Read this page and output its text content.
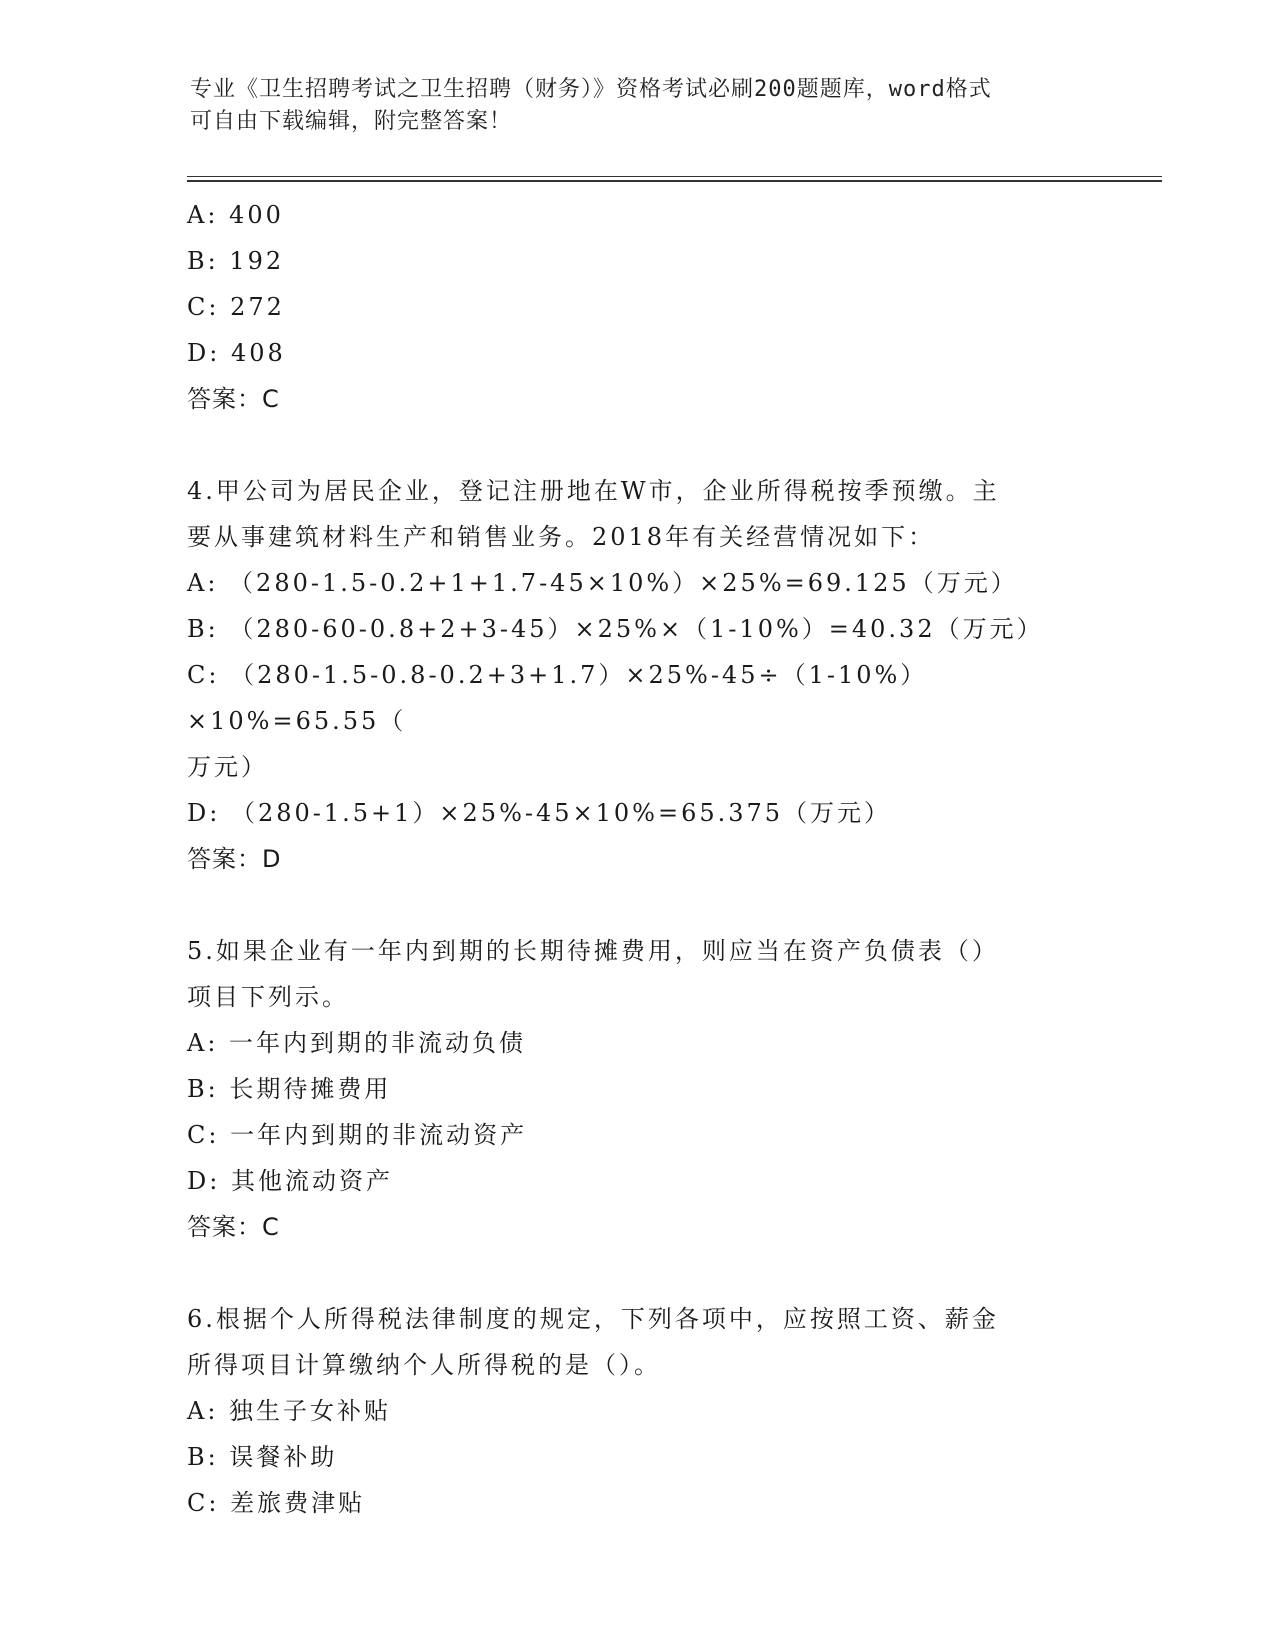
专业《卫生招聘考试之卫生招聘（财务）》资格考试必刷200题题库，word格式
可自由下载编辑，附完整答案！
A: 400
B: 192
C: 272
D: 408
答案：C
4.甲公司为居民企业，登记注册地在W市，企业所得税按季预缴。主
要从事建筑材料生产和销售业务。2018年有关经营情况如下：
A: （280-1.5-0.2+1+1.7-45×10%）×25%=69.125（万元）
B: （280-60-0.8+2+3-45）×25%×（1-10%）=40.32（万元）
C: （280-1.5-0.8-0.2+3+1.7）×25%-45÷（1-10%）×10%=65.55（
万元）
D: （280-1.5+1）×25%-45×10%=65.375（万元）
答案：D
5.如果企业有一年内到期的长期待摊费用，则应当在资产负债表（）
项目下列示。
A: 一年内到期的非流动负债
B: 长期待摊费用
C: 一年内到期的非流动资产
D: 其他流动资产
答案：C
6.根据个人所得税法律制度的规定，下列各项中，应按照工资、薪金
所得项目计算缴纳个人所得税的是（）。
A: 独生子女补贴
B: 误餐补助
C: 差旅费津贴
